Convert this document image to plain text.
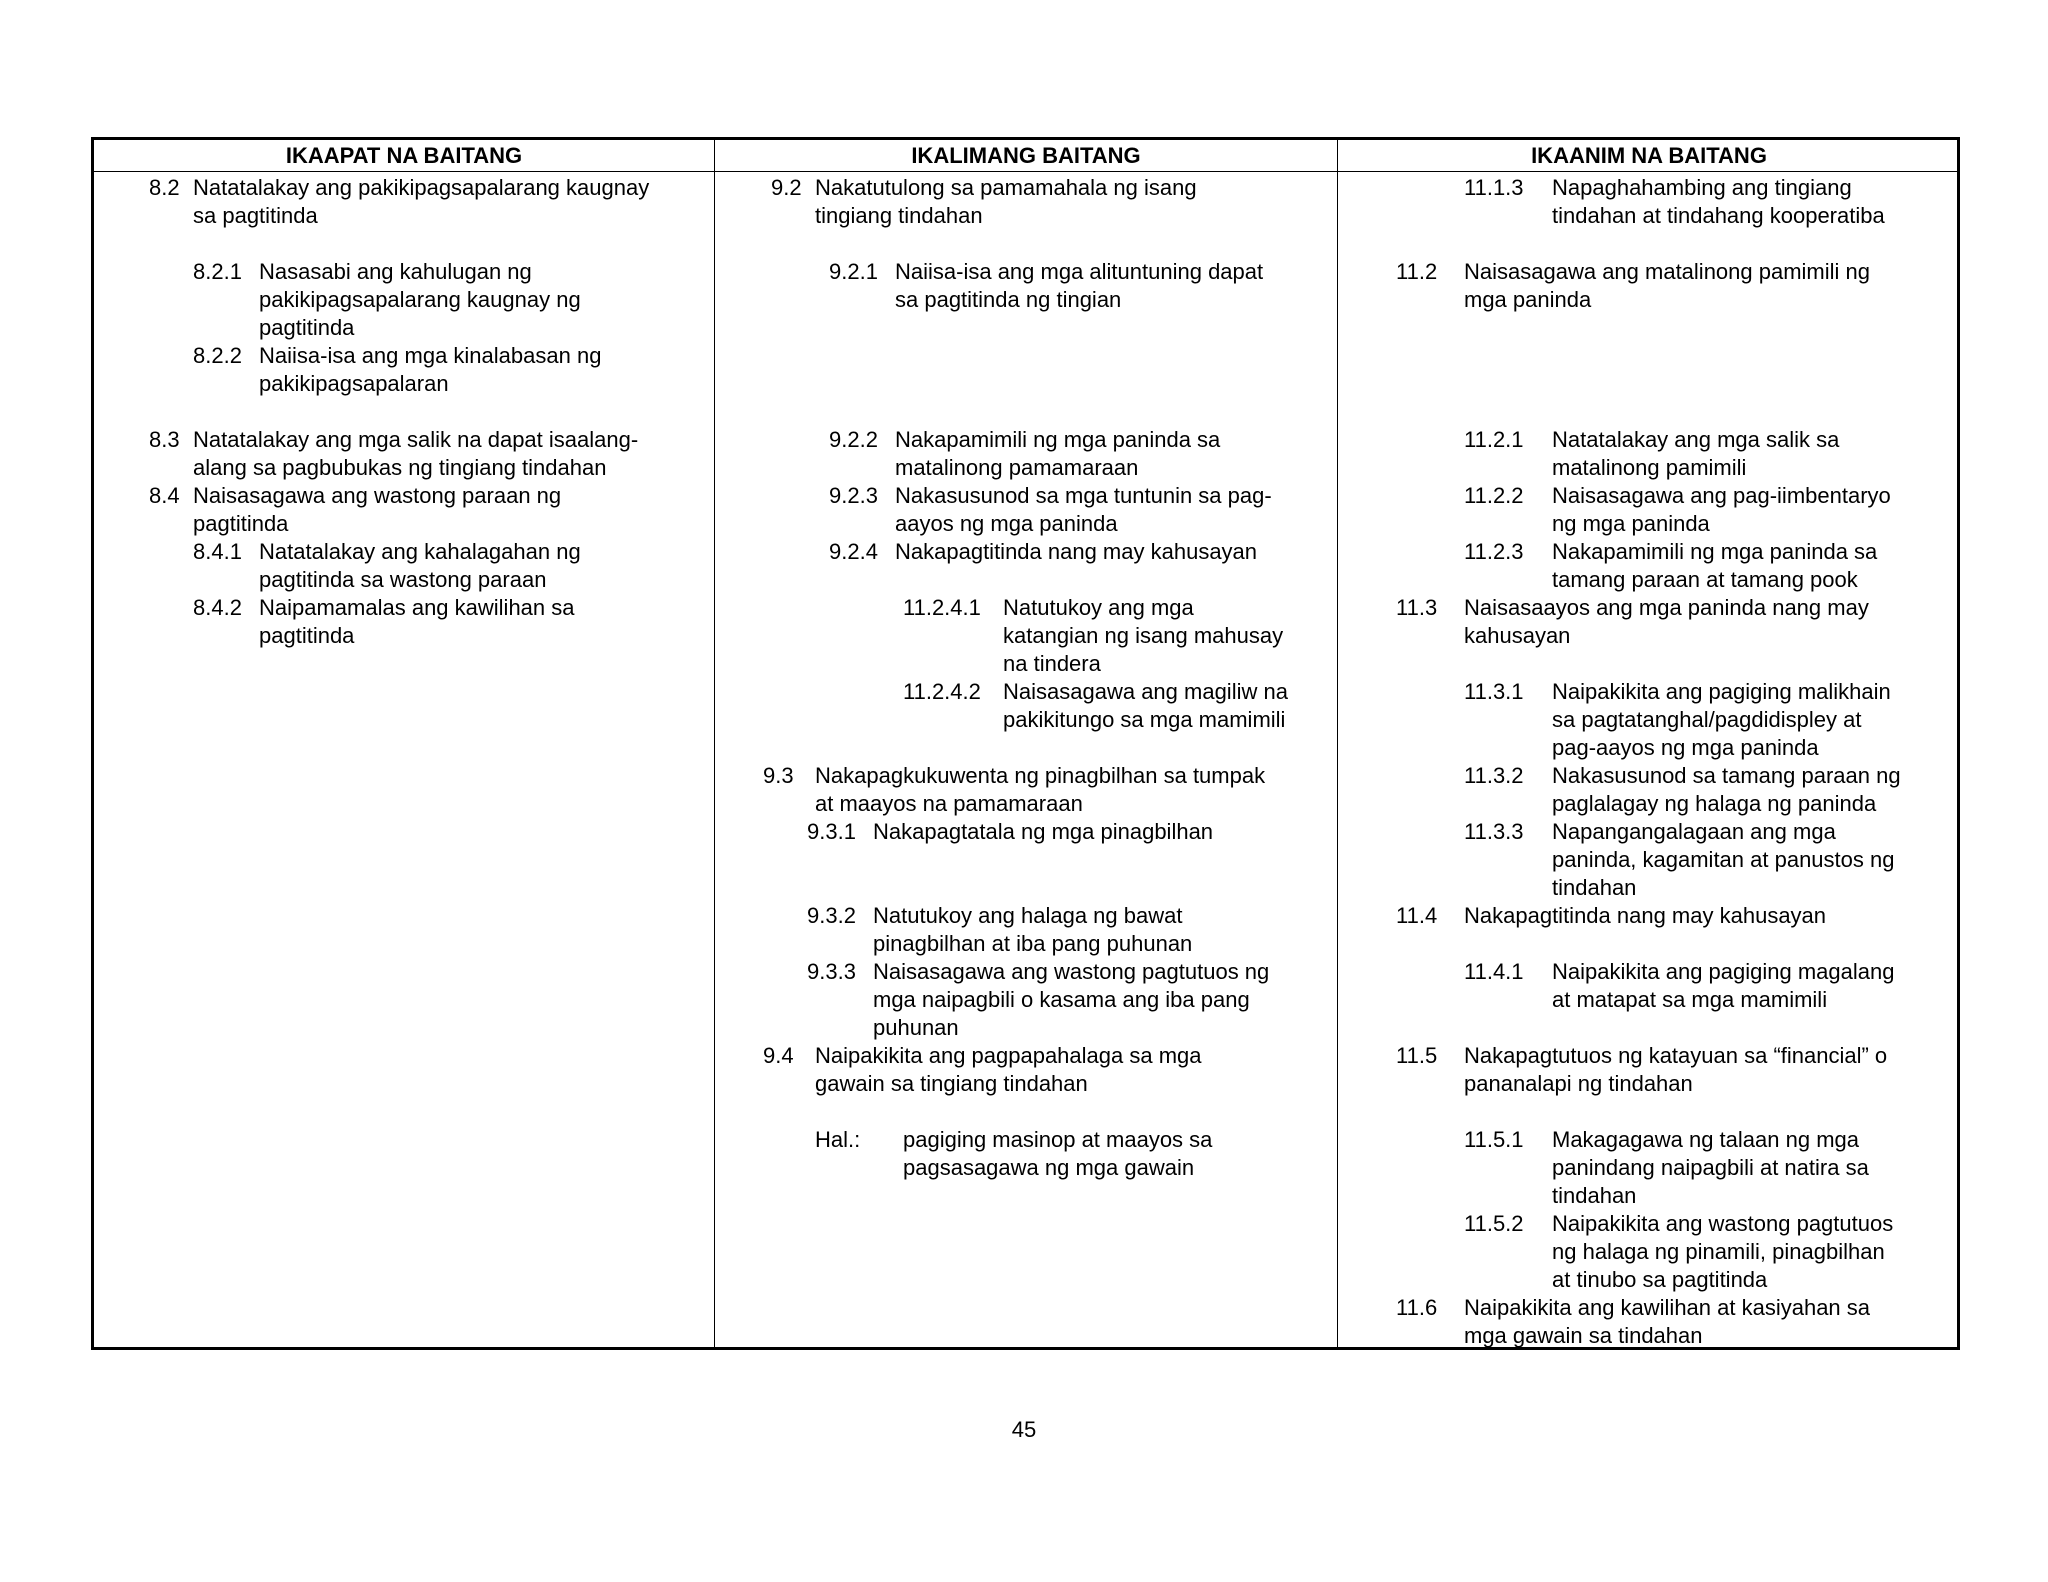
IKAAPAT NA BAITANG	IKALIMANG BAITANG	IKAANIM NA BAITANG
45
8.2 Natatalakay ang pakikipagsapalarang kaugnay
sa pagtitinda
8.2.1 Nasasabi ang kahulugan ng
pakikipagsapalarang kaugnay ng
pagtitinda
8.2.2 Naiisa-isa ang mga kinalabasan ng
pakikipagsapalaran
8.3 Natatalakay ang mga salik na dapat isaalang-
alang sa pagbubukas ng tingiang tindahan
8.4 Naisasagawa ang wastong paraan ng
pagtitinda
8.4.1 Natatalakay ang kahalagahan ng
pagtitinda sa wastong paraan
8.4.2 Naipamamalas ang kawilihan sa
pagtitinda
9.2 Nakatutulong sa pamamahala ng isang
tingiang tindahan
9.2.1 Naiisa-isa ang mga alituntuning dapat
sa pagtitinda ng tingian
9.2.2 Nakapamimili ng mga paninda sa
matalinong pamamaraan
9.2.3 Nakasusunod sa mga tuntunin sa pag-
aayos ng mga paninda
9.2.4 Nakapagtitinda nang may kahusayan
11.2.4.1 Natutukoy ang mga
katangian ng isang mahusay
na tindera
11.2.4.2 Naisasagawa ang magiliw na
pakikitungo sa mga mamimili
9.3 Nakapagkukuwenta ng pinagbilhan sa tumpak
at maayos na pamamaraan
9.3.1 Nakapagtatala ng mga pinagbilhan
9.3.2 Natutukoy ang halaga ng bawat
pinagbilhan at iba pang puhunan
9.3.3 Naisasagawa ang wastong pagtutuos ng
mga naipagbili o kasama ang iba pang
puhunan
9.4 Naipakikita ang pagpapahalaga sa mga
gawain sa tingiang tindahan
Hal.: pagiging masinop at maayos sa
pagsasagawa ng mga gawain
11.1.3 Napaghahambing ang tingiang
tindahan at tindahang kooperatiba
11.2 Naisasagawa ang matalinong pamimili ng
mga paninda
11.2.1 Natatalakay ang mga salik sa
matalinong pamimili
11.2.2 Naisasagawa ang pag-iimbentaryo
ng mga paninda
11.2.3 Nakapamimili ng mga paninda sa
tamang paraan at tamang pook
11.3 Naisasaayos ang mga paninda nang may
kahusayan
11.3.1 Naipakikita ang pagiging malikhain
sa pagtatanghal/pagdidispley at
pag-aayos ng mga paninda
11.3.2 Nakasusunod sa tamang paraan ng
paglalagay ng halaga ng paninda
11.3.3 Napangangalagaan ang mga
paninda, kagamitan at panustos ng
tindahan
11.4 Nakapagtitinda nang may kahusayan
11.4.1 Naipakikita ang pagiging magalang
at matapat sa mga mamimili
11.5 Nakapagtutuos ng katayuan sa “financial” o
pananalapi ng tindahan
11.5.1 Makagagawa ng talaan ng mga
panindang naipagbili at natira sa
tindahan
11.5.2 Naipakikita ang wastong pagtutuos
ng halaga ng pinamili, pinagbilhan
at tinubo sa pagtitinda
11.6 Naipakikita ang kawilihan at kasiyahan sa
mga gawain sa tindahan
